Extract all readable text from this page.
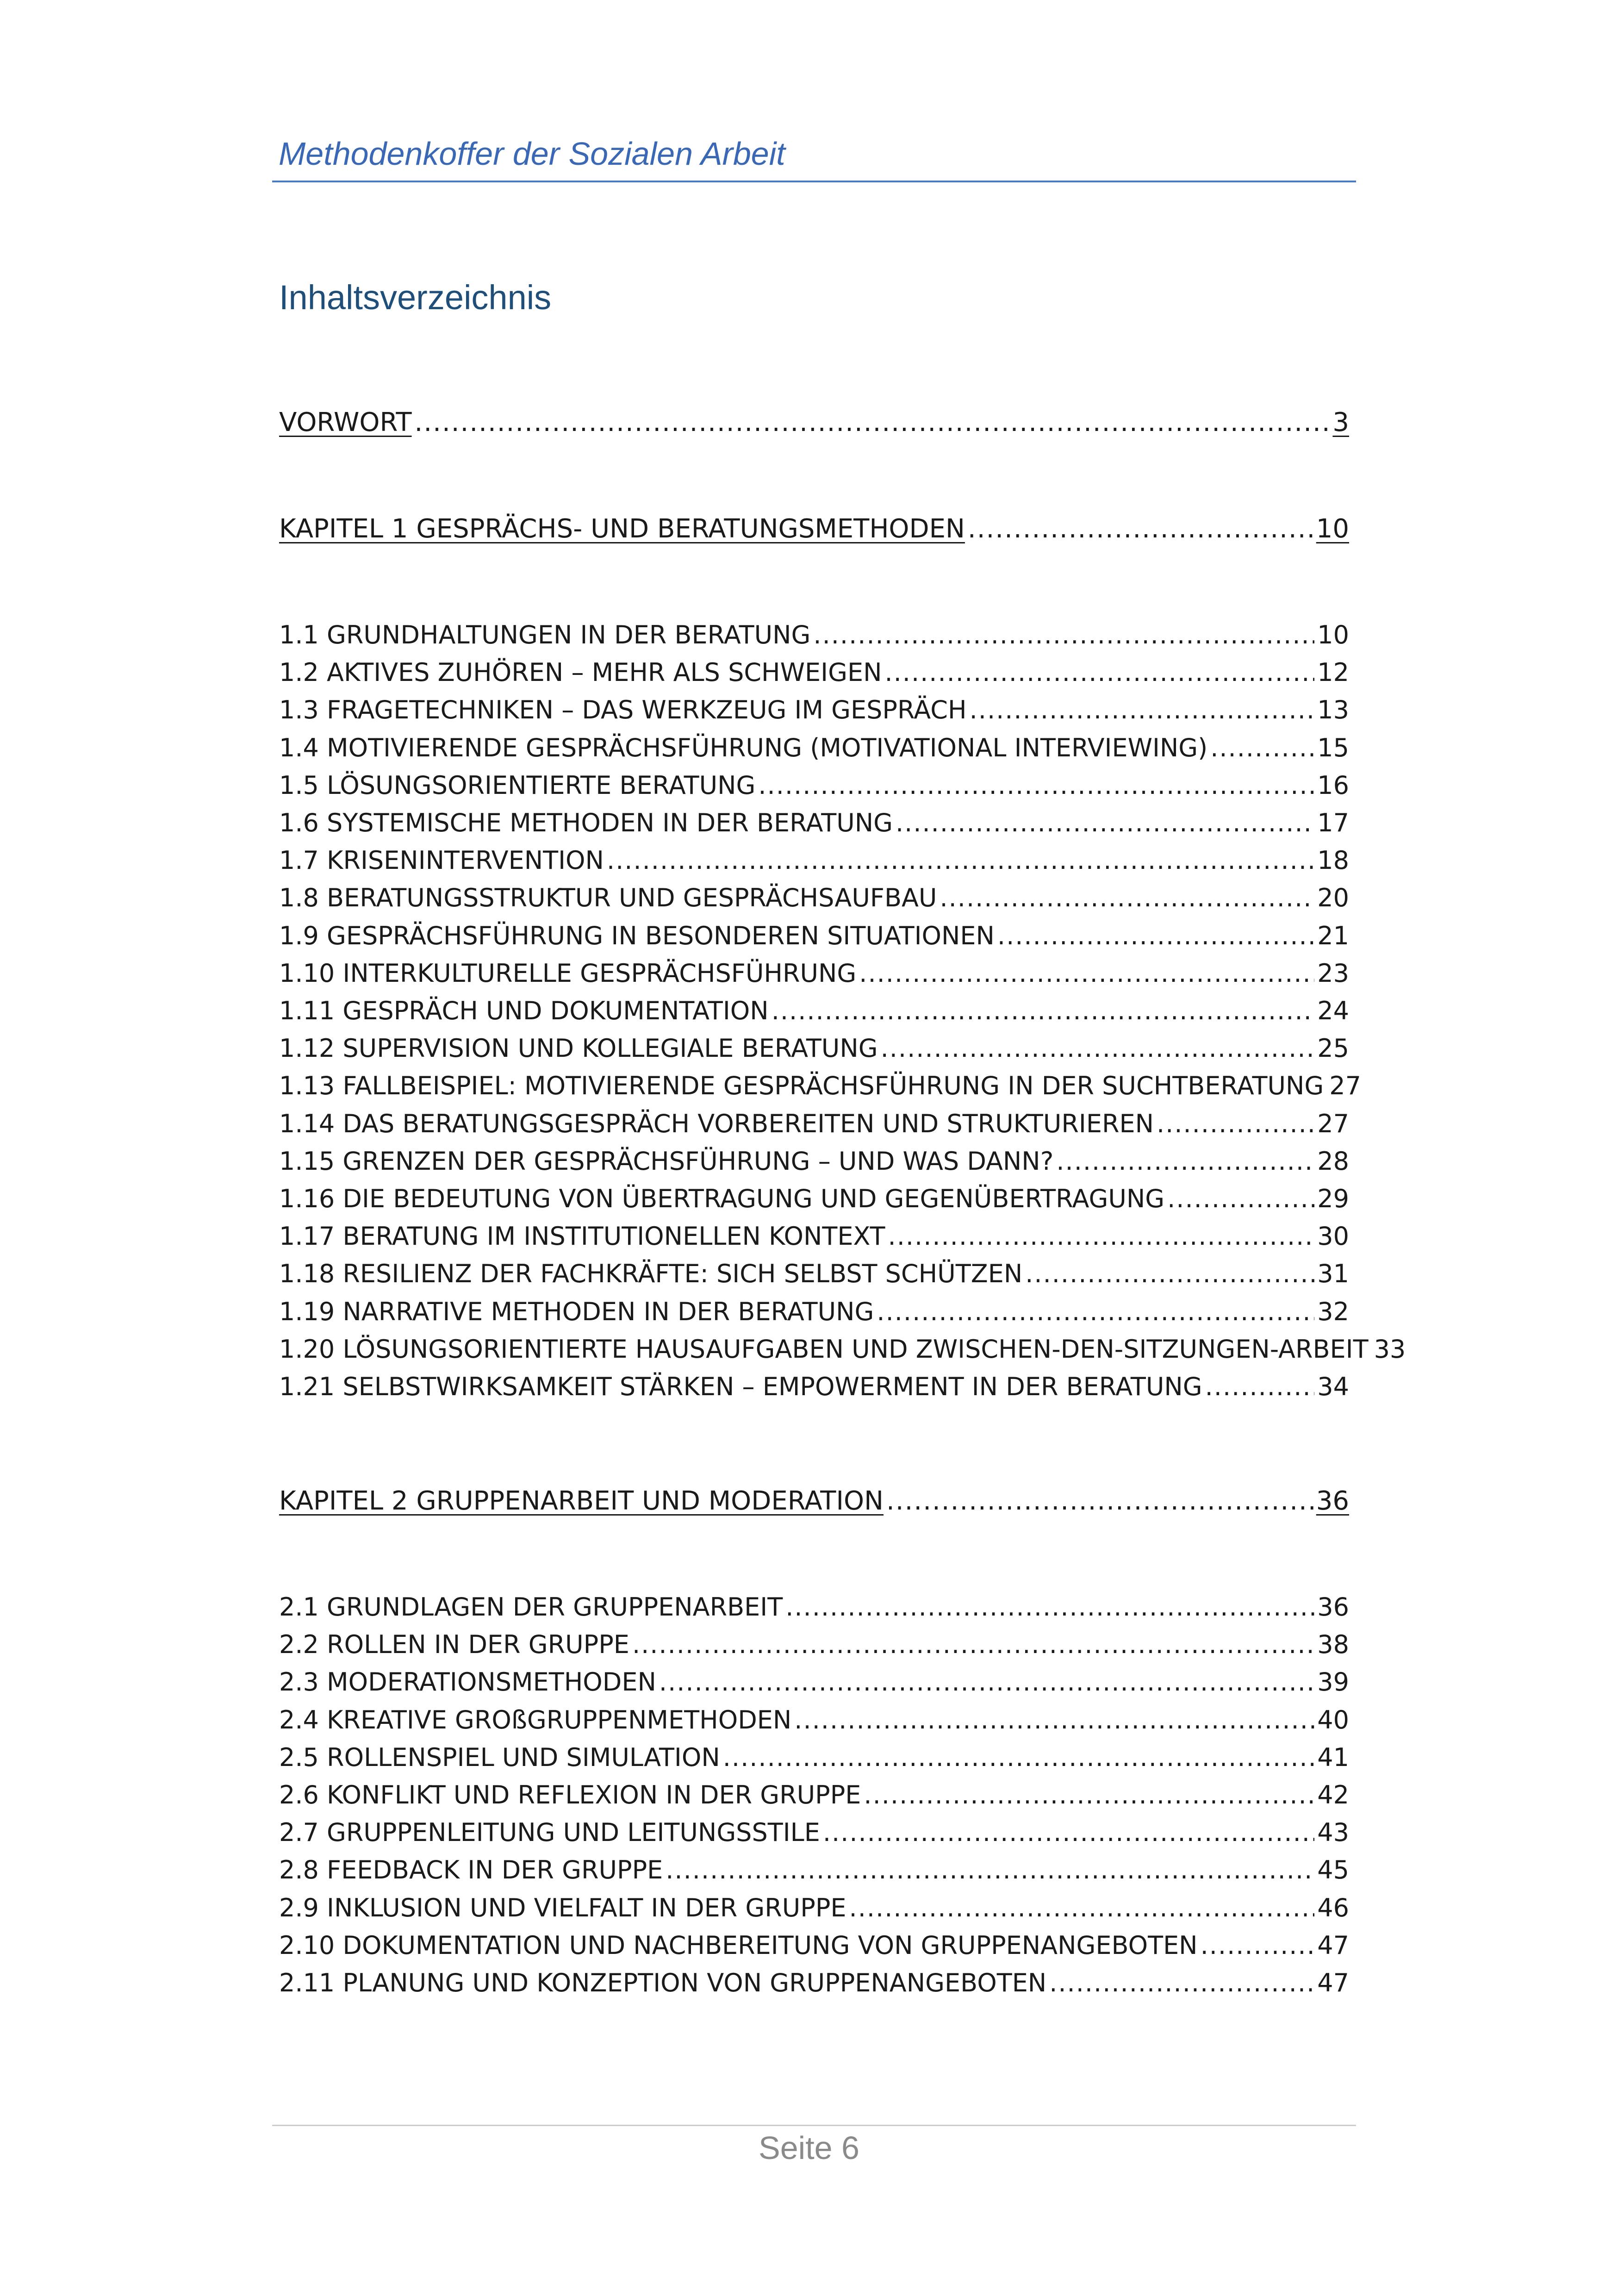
Methodenkoffer der Sozialen Arbeit
Inhaltsverzeichnis
Seite 6
VORWORT .....	3
KAPITEL 1 GESPRÄCHS- UND BERATUNGSMETHODEN .....	10
1.1 GRUNDHALTUNGEN IN DER BERATUNG .....	10
1.2 AKTIVES ZUHÖREN – MEHR ALS SCHWEIGEN .....	12
1.3 FRAGETECHNIKEN – DAS WERKZEUG IM GESPRÄCH .....	13
1.4 MOTIVIERENDE GESPRÄCHSFÜHRUNG (MOTIVATIONAL INTERVIEWING) .....	15
1.5 LÖSUNGSORIENTIERTE BERATUNG .....	16
1.6 SYSTEMISCHE METHODEN IN DER BERATUNG .....	17
1.7 KRISENINTERVENTION .....	18
1.8 BERATUNGSSTRUKTUR UND GESPRÄCHSAUFBAU .....	20
1.9 GESPRÄCHSFÜHRUNG IN BESONDEREN SITUATIONEN .....	21
1.10 INTERKULTURELLE GESPRÄCHSFÜHRUNG .....	23
1.11 GESPRÄCH UND DOKUMENTATION .....	24
1.12 SUPERVISION UND KOLLEGIALE BERATUNG .....	25
1.13 FALLBEISPIEL: MOTIVIERENDE GESPRÄCHSFÜHRUNG IN DER SUCHTBERATUNG 27
1.14 DAS BERATUNGSGESPRÄCH VORBEREITEN UND STRUKTURIEREN .....	27
1.15 GRENZEN DER GESPRÄCHSFÜHRUNG – UND WAS DANN? .....	28
1.16 DIE BEDEUTUNG VON ÜBERTRAGUNG UND GEGENÜBERTRAGUNG .....	29
1.17 BERATUNG IM INSTITUTIONELLEN KONTEXT .....	30
1.18 RESILIENZ DER FACHKRÄFTE: SICH SELBST SCHÜTZEN .....	31
1.19 NARRATIVE METHODEN IN DER BERATUNG .....	32
1.20 LÖSUNGSORIENTIERTE HAUSAUFGABEN UND ZWISCHEN-DEN-SITZUNGEN-ARBEIT 33
1.21 SELBSTWIRKSAMKEIT STÄRKEN – EMPOWERMENT IN DER BERATUNG .....	34
KAPITEL 2 GRUPPENARBEIT UND MODERATION .....	36
2.1 GRUNDLAGEN DER GRUPPENARBEIT .....	36
2.2 ROLLEN IN DER GRUPPE .....	38
2.3 MODERATIONSMETHODEN .....	39
2.4 KREATIVE GROßGRUPPENMETHODEN .....	40
2.5 ROLLENSPIEL UND SIMULATION .....	41
2.6 KONFLIKT UND REFLEXION IN DER GRUPPE .....	42
2.7 GRUPPENLEITUNG UND LEITUNGSSTILE .....	43
2.8 FEEDBACK IN DER GRUPPE .....	45
2.9 INKLUSION UND VIELFALT IN DER GRUPPE .....	46
2.10 DOKUMENTATION UND NACHBEREITUNG VON GRUPPENANGEBOTEN .....	47
2.11 PLANUNG UND KONZEPTION VON GRUPPENANGEBOTEN .....	47
